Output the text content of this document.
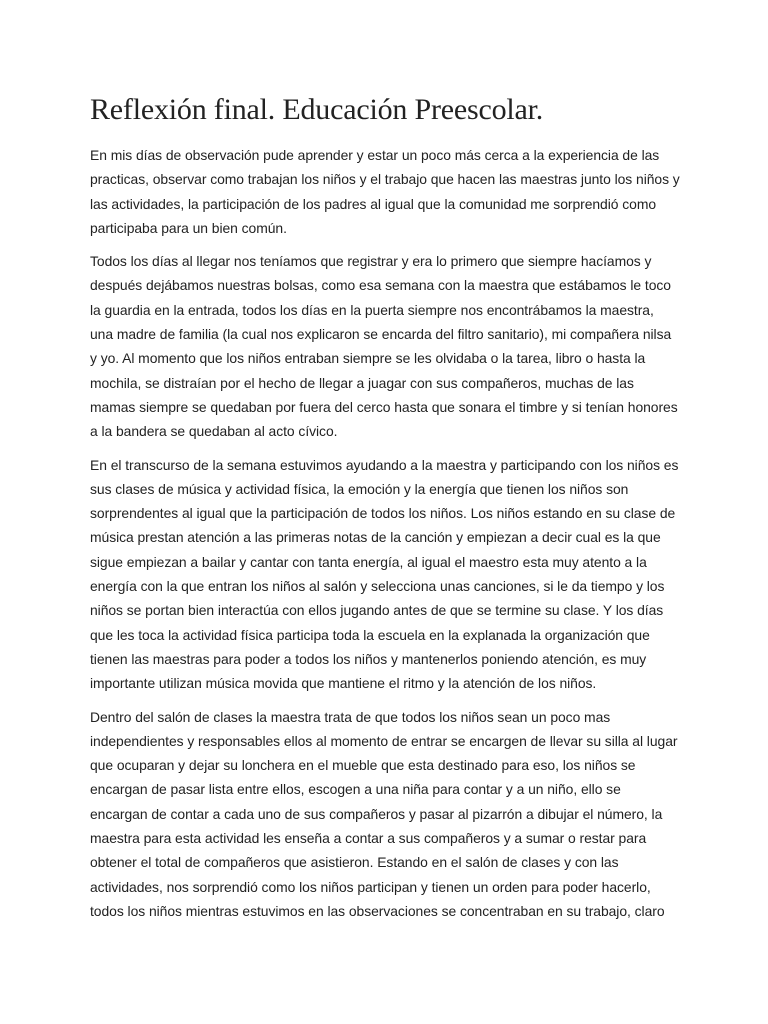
Reflexión final. Educación Preescolar.

En mis días de observación pude aprender y estar un poco más cerca a la experiencia de las practicas, observar como trabajan los niños y el trabajo que hacen las maestras junto los niños y las actividades, la participación de los padres al igual que la comunidad me sorprendió como participaba para un bien común.

Todos los días al llegar nos teníamos que registrar y era lo primero que siempre hacíamos y después dejábamos nuestras bolsas, como esa semana con la maestra que estábamos le toco la guardia en la entrada, todos los días en la puerta siempre nos encontrábamos la maestra, una madre de familia (la cual nos explicaron se encarda del filtro sanitario), mi compañera nilsa y yo. Al momento que los niños entraban siempre se les olvidaba o la tarea, libro o hasta la mochila, se distraían por el hecho de llegar a juagar con sus compañeros, muchas de las mamas siempre se quedaban por fuera del cerco hasta que sonara el timbre y si tenían honores a la bandera se quedaban al acto cívico.

En el transcurso de la semana estuvimos ayudando a la maestra y participando con los niños es sus clases de música y actividad física, la emoción y la energía que tienen los niños son sorprendentes al igual que la participación de todos los niños. Los niños estando en su clase de música prestan atención a las primeras notas de la canción y empiezan a decir cual es la que sigue empiezan a bailar y cantar con tanta energía, al igual el maestro esta muy atento a la energía con la que entran los niños al salón y selecciona unas canciones, si le da tiempo y los niños se portan bien interactúa con ellos jugando antes de que se termine su clase. Y los días que les toca la actividad física participa toda la escuela en la explanada la organización que tienen las maestras para poder a todos los niños y mantenerlos poniendo atención, es muy importante utilizan música movida que mantiene el ritmo y la atención de los niños.

Dentro del salón de clases la maestra trata de que todos los niños sean un poco mas independientes y responsables ellos al momento de entrar se encargen de llevar su silla al lugar que ocuparan y dejar su lonchera en el mueble que esta destinado para eso, los niños se encargan de pasar lista entre ellos, escogen a una niña para contar y a un niño, ello se encargan de contar a cada uno de sus compañeros y pasar al pizarrón a dibujar el número, la maestra para esta actividad les enseña a contar a sus compañeros y a sumar o restar para obtener el total de compañeros que asistieron. Estando en el salón de clases y con las actividades, nos sorprendió como los niños participan y tienen un orden para poder hacerlo, todos los niños mientras estuvimos en las observaciones se concentraban en su trabajo, claro
